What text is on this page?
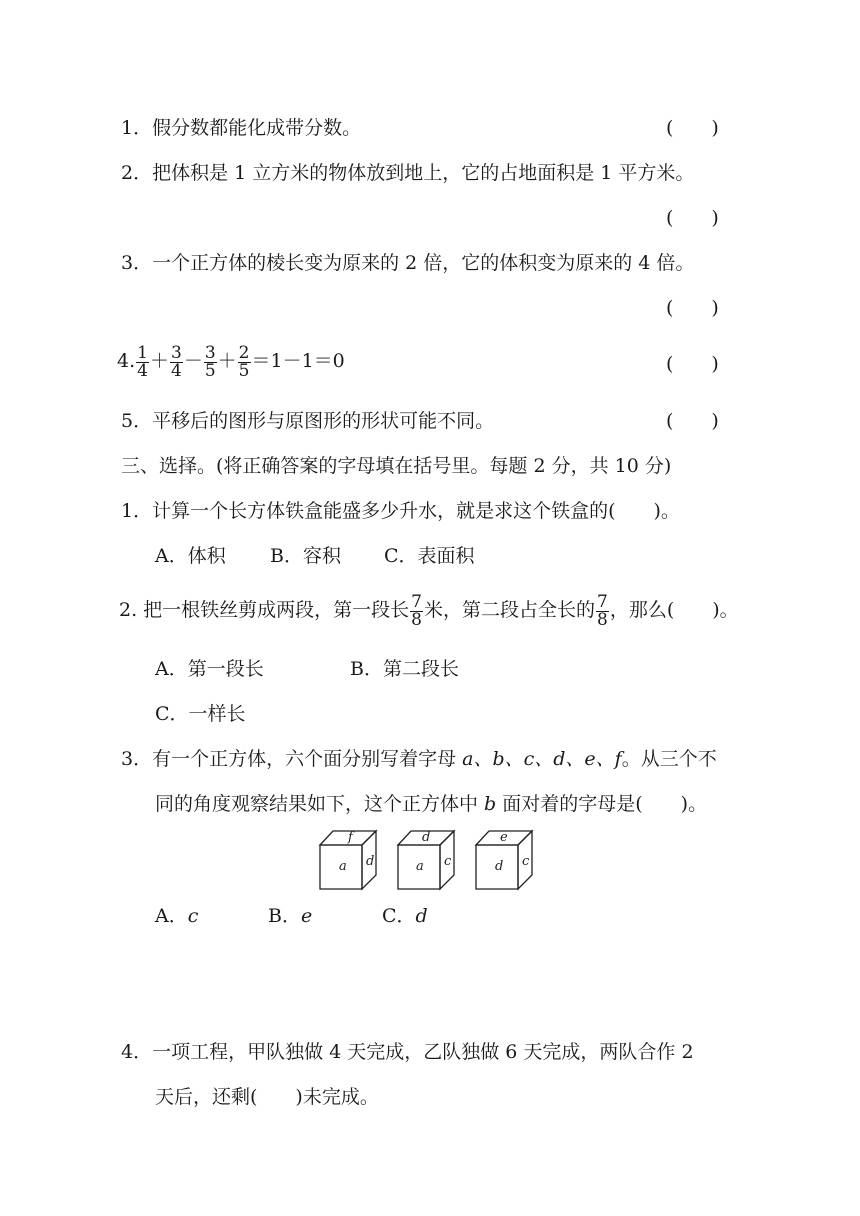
1．假分数都能化成带分数。	(　　)
2．把体积是 1 立方米的物体放到地上，它的占地面积是 1 平方米。
(　　)
3．一个正方体的棱长变为原来的 2 倍，它的体积变为原来的 4 倍。
(　　)
4. $\frac{1}{4} + \frac{3}{4} - \frac{3}{5} + \frac{2}{5} =1-1=0$	(　　)
5．平移后的图形与原图形的形状可能不同。	(　　)
三、选择。(将正确答案的字母填在括号里。每题 2 分，共 10 分)
1．计算一个长方体铁盒能盛多少升水，就是求这个铁盒的(　　)。
A．体积 B．容积 C．表面积
2. 把一根铁丝剪成两段，第一段长 $\frac{7}{8}$ 米，第二段占全长的 $\frac{7}{8}$ ，那么(　　)。
A．第一段长	B．第二段长
C．一样长
3．有一个正方体，六个面分别写着字母 a、b、c、d、e、f。从三个不
同的角度观察结果如下，这个正方体中 b 面对着的字母是(　　)。
f
a d
d
a c
e
d c
A．c	B．e	C．d
4．一项工程，甲队独做 4 天完成，乙队独做 6 天完成，两队合作 2
天后，还剩(　　)未完成。
